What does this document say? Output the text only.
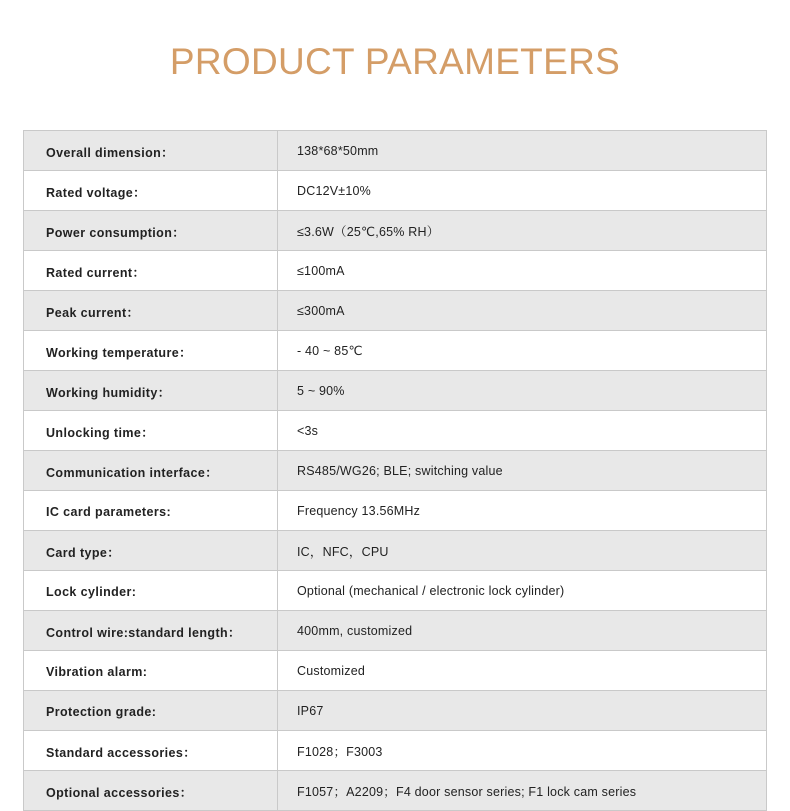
PRODUCT PARAMETERS
Overall dimension：	138*68*50mm
Rated voltage：	DC12V±10%
Power consumption：	≤3.6W（25℃,65% RH）
Rated current：	≤100mA
Peak current：	≤300mA
Working temperature：	- 40 ~ 85℃
Working humidity：	5 ~ 90%
Unlocking time：	<3s
Communication interface：	RS485/WG26; BLE; switching value
IC card parameters:	Frequency 13.56MHz
Card type：	IC，NFC，CPU
Lock cylinder:	Optional (mechanical / electronic lock cylinder)
Control wire:standard length：	400mm, customized
Vibration alarm:	Customized
Protection grade:	IP67
Standard accessories：	F1028；F3003
Optional accessories：	F1057；A2209；F4 door sensor series; F1 lock cam series
